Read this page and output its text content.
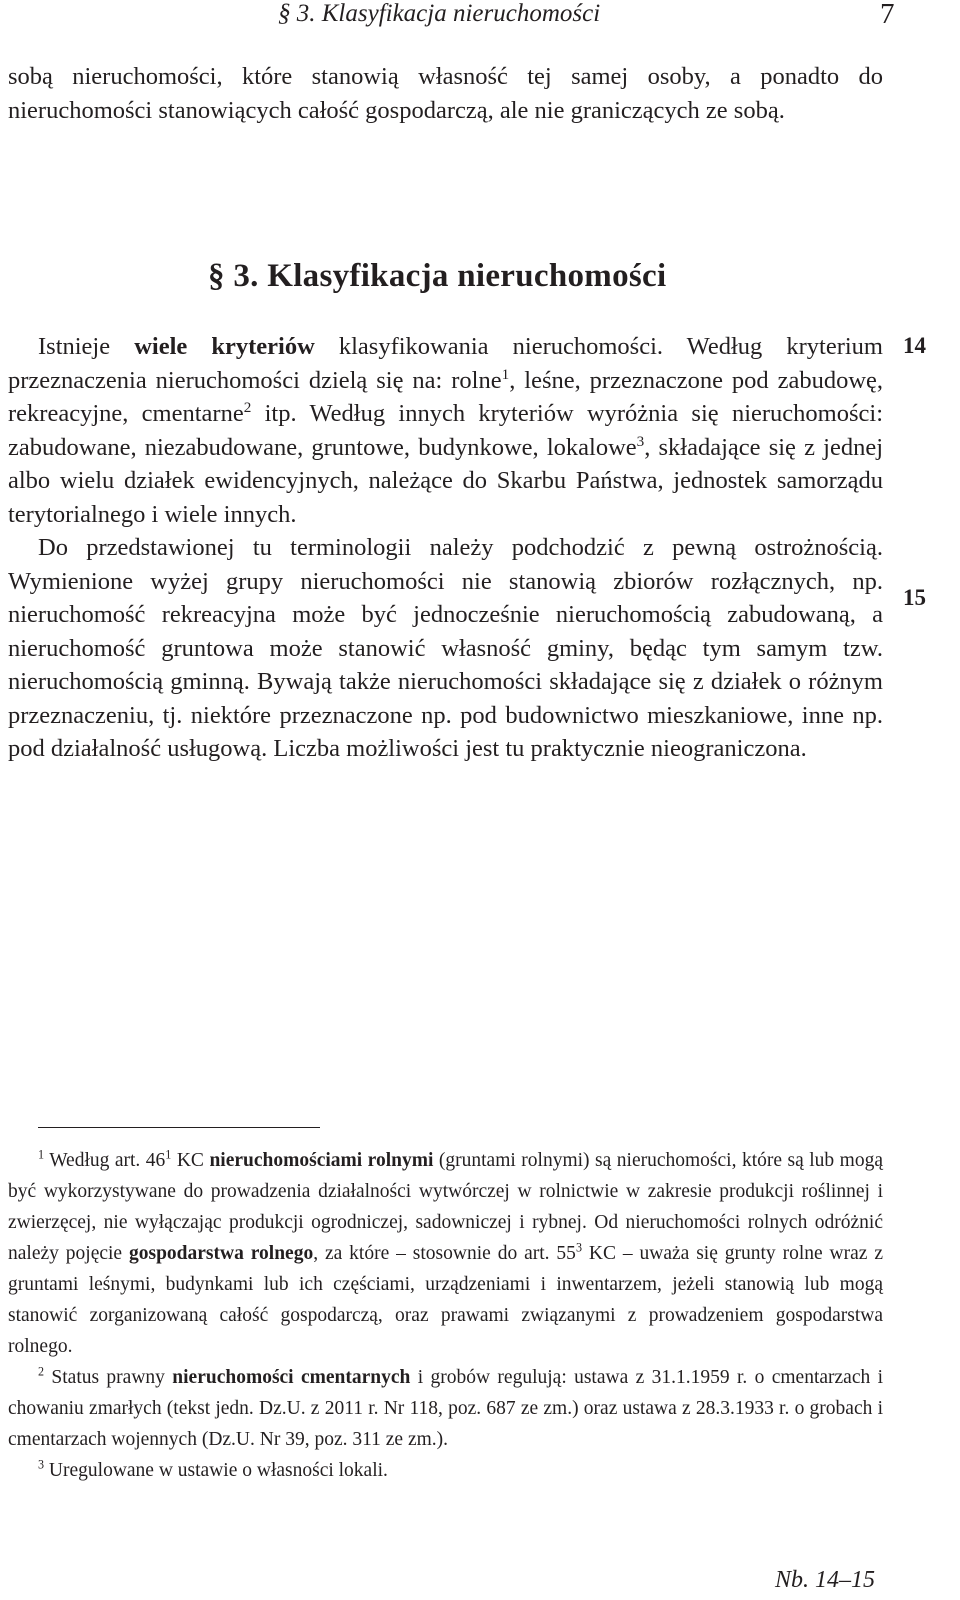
§ 3. Klasyfikacja nieruchomości	7

sobą nieruchomości, które stanowią własność tej samej osoby, a ponadto do nieruchomości stanowiących całość gospodarczą, ale nie graniczących ze sobą.

§ 3. Klasyfikacja nieruchomości

Istnieje wiele kryteriów klasyfikowania nieruchomości. Według kryterium przeznaczenia nieruchomości dzielą się na: rolne$^1$, leśne, przeznaczone pod zabudowę, rekreacyjne, cmentarne$^2$ itp. Według innych kryteriów wyróżnia się nieruchomości: zabudowane, niezabudowane, gruntowe, budynkowe, lokalowe$^3$, składające się z jednej albo wielu działek ewidencyjnych, należące do Skarbu Państwa, jednostek samorządu terytorialnego i wiele innych.

Do przedstawionej tu terminologii należy podchodzić z pewną ostrożnością. Wymienione wyżej grupy nieruchomości nie stanowią zbiorów rozłącznych, np. nieruchomość rekreacyjna może być jednocześnie nieruchomością zabudowaną, a nieruchomość gruntowa może stanowić własność gminy, będąc tym samym tzw. nieruchomością gminną. Bywają także nieruchomości składające się z działek o różnym przeznaczeniu, tj. niektóre przeznaczone np. pod budownictwo mieszkaniowe, inne np. pod działalność usługową. Liczba możliwości jest tu praktycznie nieograniczona.

14
15

$^1$ Według art. $46^1$ KC nieruchomościami rolnymi (gruntami rolnymi) są nieruchomości, które są lub mogą być wykorzystywane do prowadzenia działalności wytwórczej w rolnictwie w zakresie produkcji roślinnej i zwierzęcej, nie wyłączając produkcji ogrodniczej, sadowniczej i rybnej. Od nieruchomości rolnych odróżnić należy pojęcie gospodarstwa rolnego, za które – stosownie do art. $55^3$ KC – uważa się grunty rolne wraz z gruntami leśnymi, budynkami lub ich częściami, urządzeniami i inwentarzem, jeżeli stanowią lub mogą stanowić zorganizowaną całość gospodarczą, oraz prawami związanymi z prowadzeniem gospodarstwa rolnego.

$^2$ Status prawny nieruchomości cmentarnych i grobów regulują: ustawa z 31.1.1959 r. o cmentarzach i chowaniu zmarłych (tekst jedn. Dz.U. z 2011 r. Nr 118, poz. 687 ze zm.) oraz ustawa z 28.3.1933 r. o grobach i cmentarzach wojennych (Dz.U. Nr 39, poz. 311 ze zm.).

$^3$ Uregulowane w ustawie o własności lokali.

Nb. 14–15
